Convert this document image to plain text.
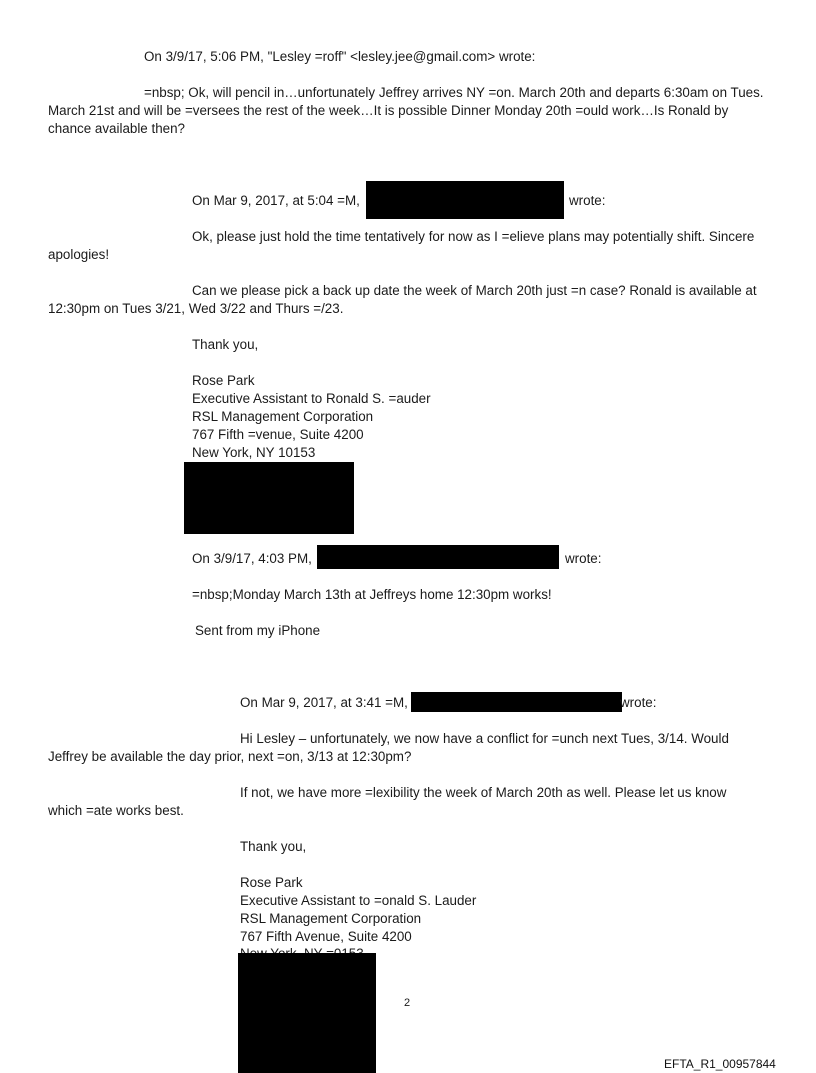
On 3/9/17, 5:06 PM, "Lesley =roff" <lesley.jee@gmail.com> wrote:
=nbsp; Ok, will pencil in…unfortunately Jeffrey arrives NY =on. March 20th and departs 6:30am on Tues.
March 21st and will be =versees the rest of the week…It is possible Dinner Monday 20th =ould work…Is Ronald by
chance available then?
On Mar 9, 2017, at 5:04 =M,	wrote:
Ok, please just hold the time tentatively for now as I =elieve plans may potentially shift. Sincere
apologies!
Can we please pick a back up date the week of March 20th just =n case? Ronald is available at
12:30pm on Tues 3/21, Wed 3/22 and Thurs =/23.
Thank you,
Rose Park
Executive Assistant to Ronald S. =auder
RSL Management Corporation
767 Fifth =venue, Suite 4200
New York, NY 10153
On 3/9/17, 4:03 PM,	wrote:
=nbsp;Monday March 13th at Jeffreys home 12:30pm works!
Sent from my iPhone
On Mar 9, 2017, at 3:41 =M,	wrote:
Hi Lesley – unfortunately, we now have a conflict for =unch next Tues, 3/14. Would
Jeffrey be available the day prior, next =on, 3/13 at 12:30pm?
If not, we have more =lexibility the week of March 20th as well. Please let us know
which =ate works best.
Thank you,
Rose Park
Executive Assistant to =onald S. Lauder
RSL Management Corporation
767 Fifth Avenue, Suite 4200
2
EFTA_R1_00957844
